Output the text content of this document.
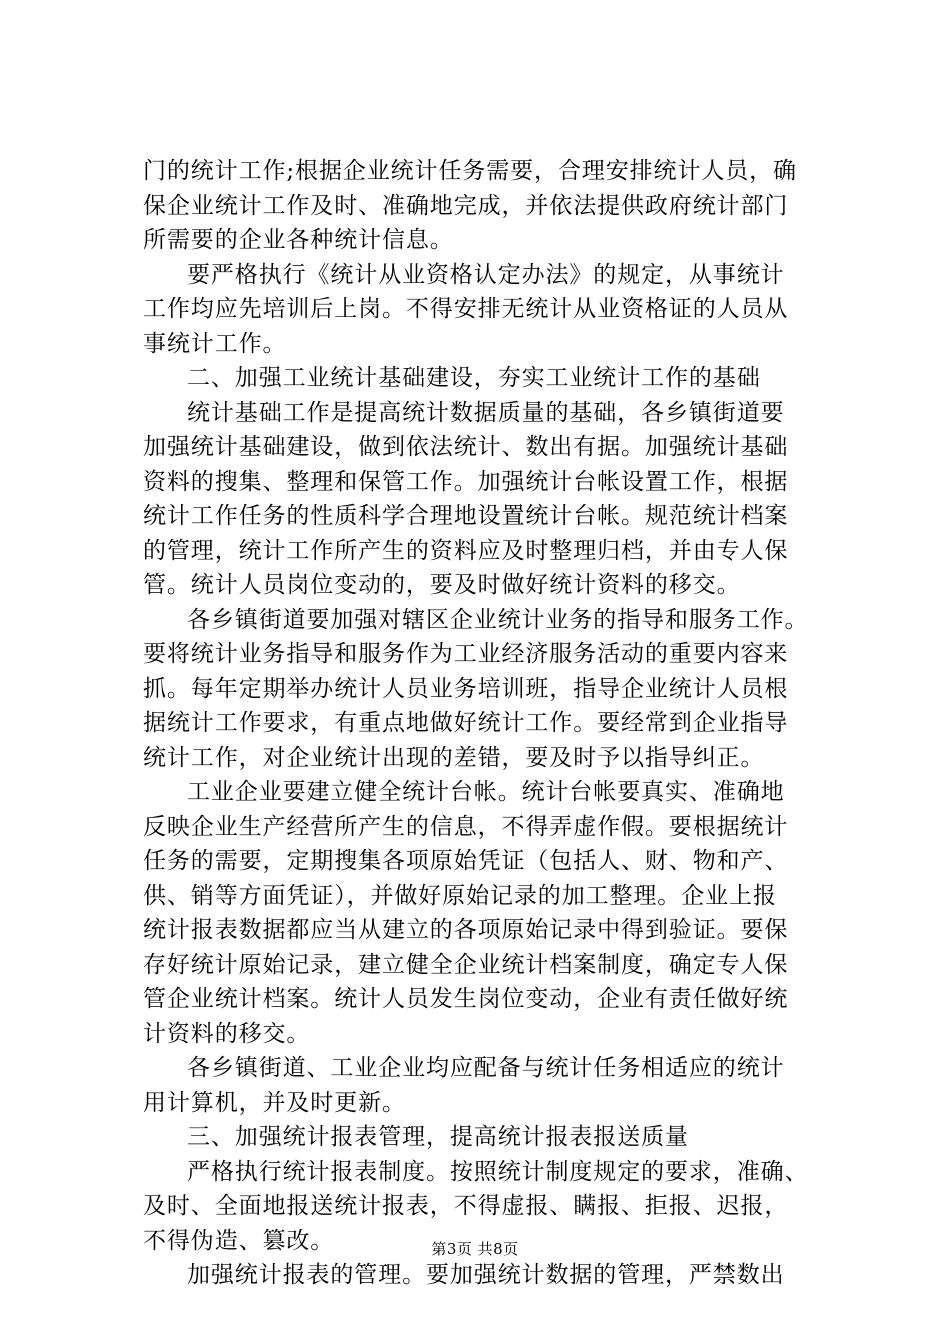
门的统计工作;根据企业统计任务需要，合理安排统计人员，确
保企业统计工作及时、准确地完成，并依法提供政府统计部门
所需要的企业各种统计信息。
要严格执行《统计从业资格认定办法》的规定，从事统计
工作均应先培训后上岗。不得安排无统计从业资格证的人员从
事统计工作。
二、加强工业统计基础建设，夯实工业统计工作的基础
统计基础工作是提高统计数据质量的基础，各乡镇街道要
加强统计基础建设，做到依法统计、数出有据。加强统计基础
资料的搜集、整理和保管工作。加强统计台帐设置工作，根据
统计工作任务的性质科学合理地设置统计台帐。规范统计档案
的管理，统计工作所产生的资料应及时整理归档，并由专人保
管。统计人员岗位变动的，要及时做好统计资料的移交。
各乡镇街道要加强对辖区企业统计业务的指导和服务工作。
要将统计业务指导和服务作为工业经济服务活动的重要内容来
抓。每年定期举办统计人员业务培训班，指导企业统计人员根
据统计工作要求，有重点地做好统计工作。要经常到企业指导
统计工作，对企业统计出现的差错，要及时予以指导纠正。
工业企业要建立健全统计台帐。统计台帐要真实、准确地
反映企业生产经营所产生的信息，不得弄虚作假。要根据统计
任务的需要，定期搜集各项原始凭证（包括人、财、物和产、
供、销等方面凭证），并做好原始记录的加工整理。企业上报
统计报表数据都应当从建立的各项原始记录中得到验证。要保
存好统计原始记录，建立健全企业统计档案制度，确定专人保
管企业统计档案。统计人员发生岗位变动，企业有责任做好统
计资料的移交。
各乡镇街道、工业企业均应配备与统计任务相适应的统计
用计算机，并及时更新。
三、加强统计报表管理，提高统计报表报送质量
严格执行统计报表制度。按照统计制度规定的要求，准确、
及时、全面地报送统计报表，不得虚报、瞒报、拒报、迟报，
不得伪造、篡改。
加强统计报表的管理。要加强统计数据的管理，严禁数出
第3页 共8页
